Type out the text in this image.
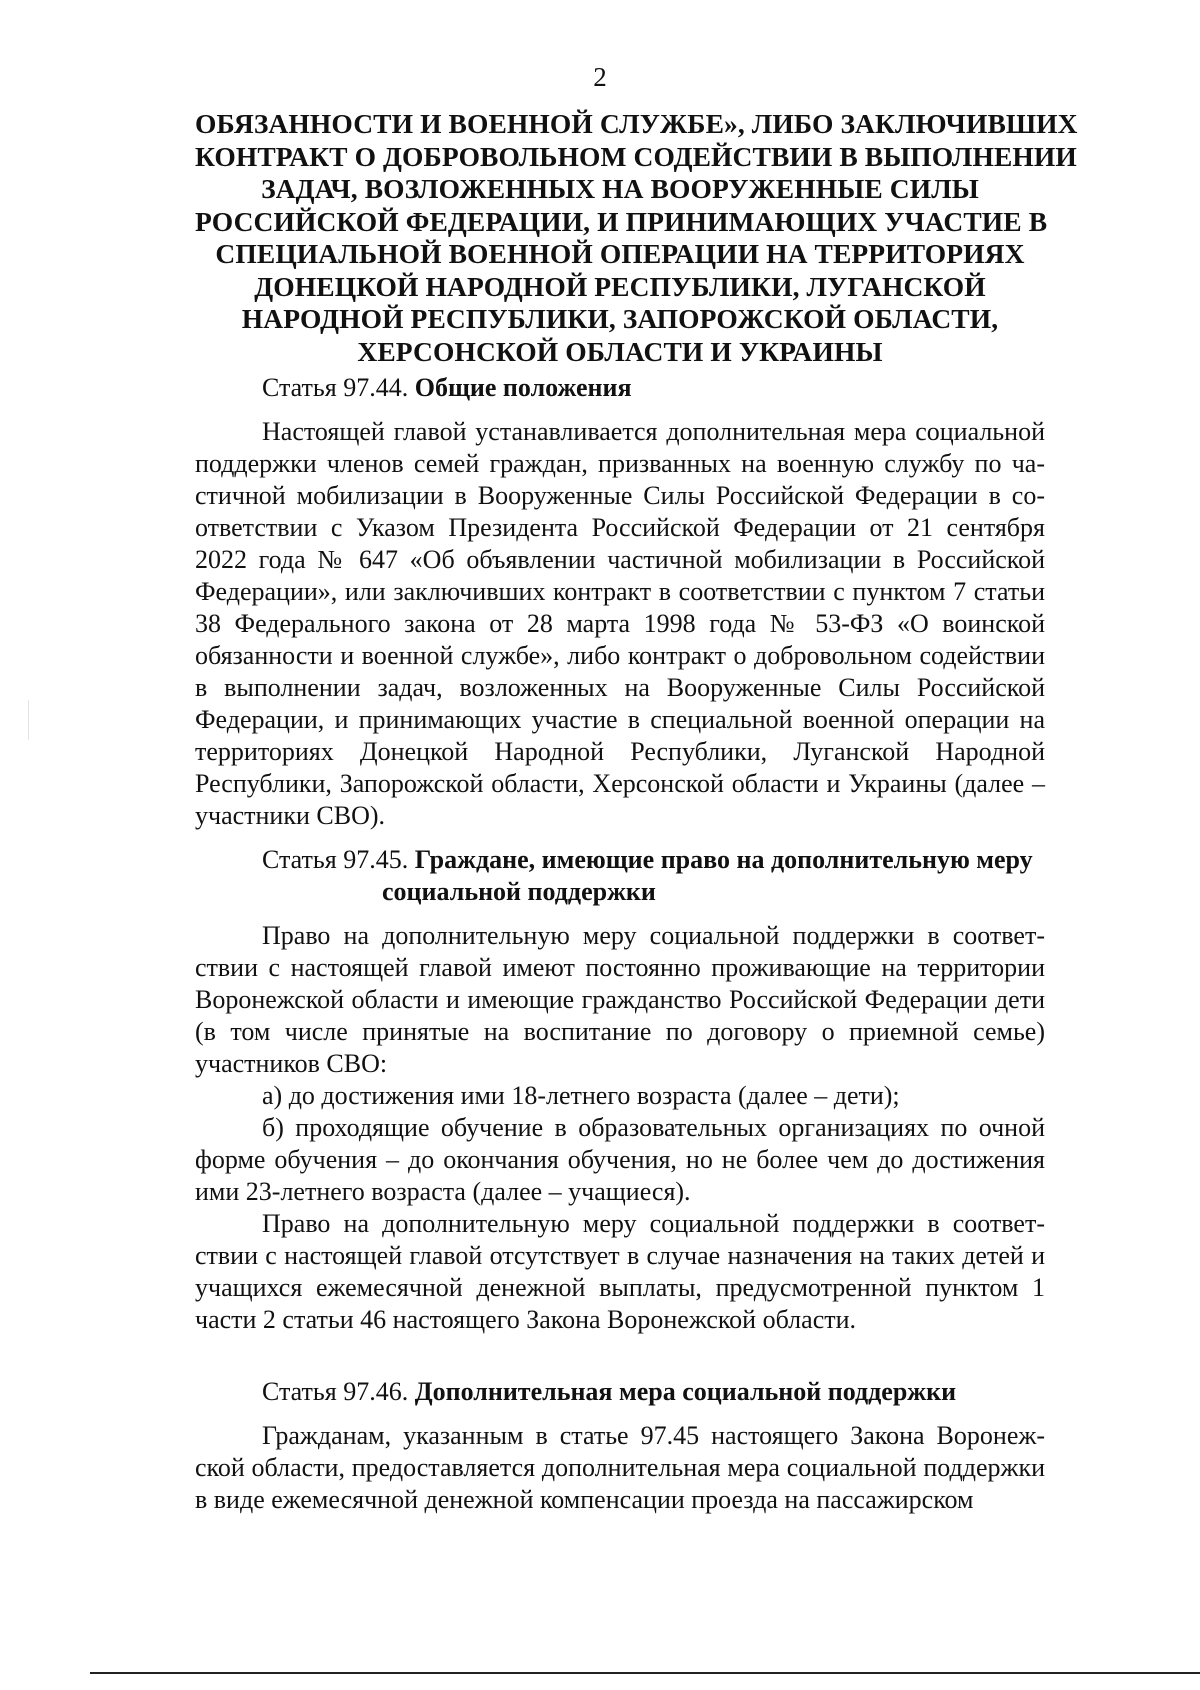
2
ОБЯЗАННОСТИ И ВОЕННОЙ СЛУЖБЕ», ЛИБО ЗАКЛЮЧИВШИХ
КОНТРАКТ О ДОБРОВОЛЬНОМ СОДЕЙСТВИИ В ВЫПОЛНЕНИИ
ЗАДАЧ, ВОЗЛОЖЕННЫХ НА ВООРУЖЕННЫЕ СИЛЫ
РОССИЙСКОЙ ФЕДЕРАЦИИ, И ПРИНИМАЮЩИХ УЧАСТИЕ В
СПЕЦИАЛЬНОЙ ВОЕННОЙ ОПЕРАЦИИ НА ТЕРРИТОРИЯХ
ДОНЕЦКОЙ НАРОДНОЙ РЕСПУБЛИКИ, ЛУГАНСКОЙ
НАРОДНОЙ РЕСПУБЛИКИ, ЗАПОРОЖСКОЙ ОБЛАСТИ,
ХЕРСОНСКОЙ ОБЛАСТИ И УКРАИНЫ

Статья 97.44. Общие положения

Настоящей главой устанавливается дополнительная мера социальной поддержки членов семей граждан, призванных на военную службу по частичной мобилизации в Вооруженные Силы Российской Федерации в соответствии с Указом Президента Российской Федерации от 21 сентября 2022 года № 647 «Об объявлении частичной мобилизации в Российской Федерации», или заключивших контракт в соответствии с пунктом 7 статьи 38 Федерального закона от 28 марта 1998 года № 53-ФЗ «О воинской обязанности и военной службе», либо контракт о добровольном содействии в выполнении задач, возложенных на Вооруженные Силы Российской Федерации, и принимающих участие в специальной военной операции на территориях Донецкой Народной Республики, Луганской Народной Республики, Запорожской области, Херсонской области и Украины (далее – участники СВО).

Статья 97.45. Граждане, имеющие право на дополнительную меру
социальной поддержки

Право на дополнительную меру социальной поддержки в соответствии с настоящей главой имеют постоянно проживающие на территории Воронежской области и имеющие гражданство Российской Федерации дети (в том числе принятые на воспитание по договору о приемной семье) участников СВО:

а) до достижения ими 18-летнего возраста (далее – дети);

б) проходящие обучение в образовательных организациях по очной форме обучения – до окончания обучения, но не более чем до достижения ими 23-летнего возраста (далее – учащиеся).

Право на дополнительную меру социальной поддержки в соответствии с настоящей главой отсутствует в случае назначения на таких детей и учащихся ежемесячной денежной выплаты, предусмотренной пунктом 1 части 2 статьи 46 настоящего Закона Воронежской области.

Статья 97.46. Дополнительная мера социальной поддержки

Гражданам, указанным в статье 97.45 настоящего Закона Воронежской области, предоставляется дополнительная мера социальной поддержки в виде ежемесячной денежной компенсации проезда на пассажирском
